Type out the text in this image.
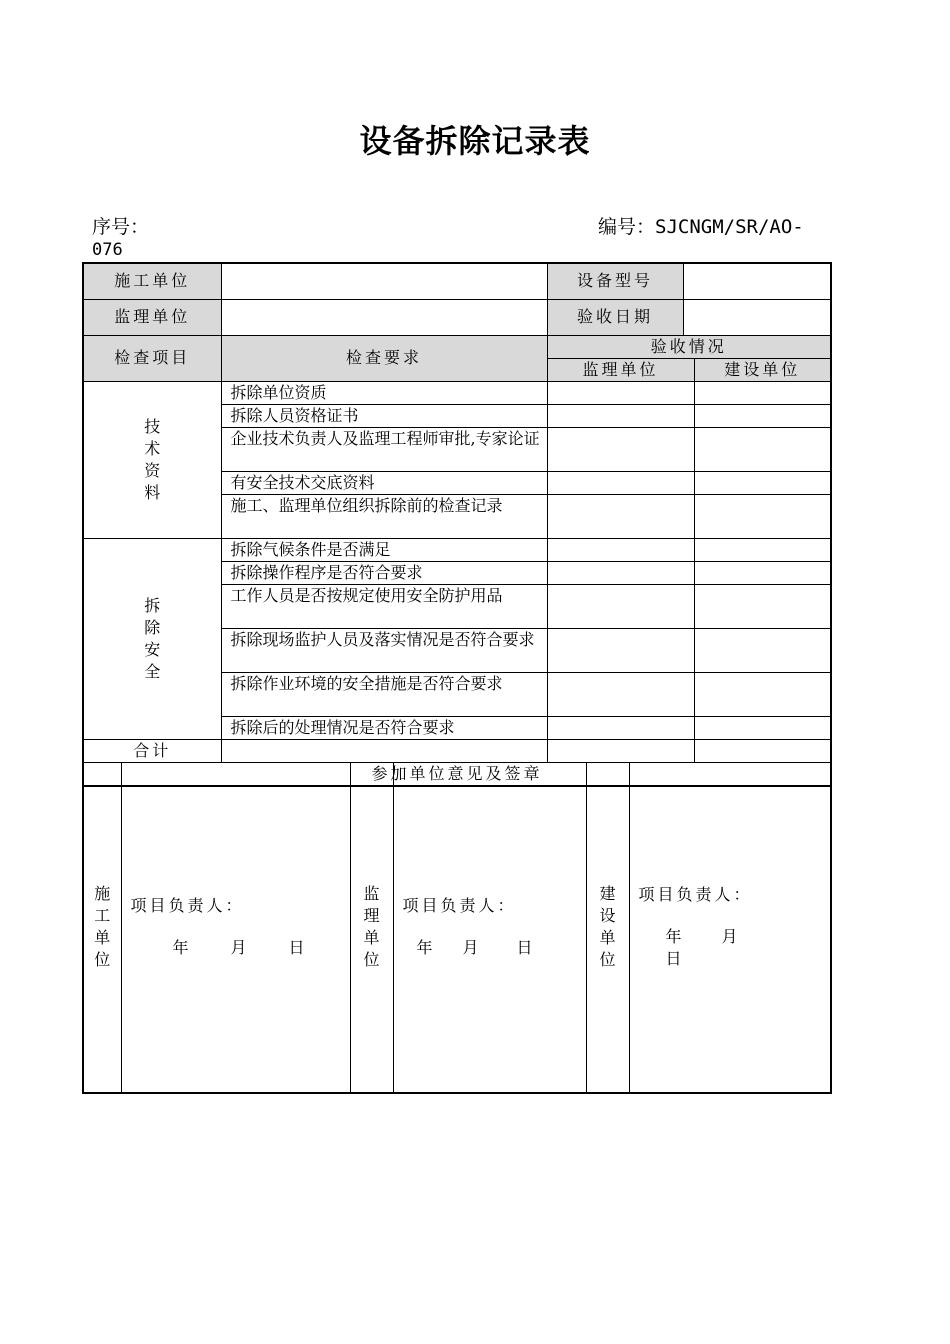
设备拆除记录表
序号：
076
编号：SJCNGM/SR/AO-
施工单位		设备型号		
监理单位		验收日期		
检查项目	检查要求	验收情况		
		监理单位		建设单位
技术资料	拆除单位资质			
	拆除人员资格证书			
	企业技术负责人及监理工程师审批,专家论证			
	有安全技术交底资料			
	施工、监理单位组织拆除前的检查记录			
拆除安全	拆除气候条件是否满足			
	拆除操作程序是否符合要求			
	工作人员是否按规定使用安全防护用品			
	拆除现场监护人员及落实情况是否符合要求			
	拆除作业环境的安全措施是否符合要求			
	拆除后的处理情况是否符合要求			
合计				
参加单位意见及签章				
施工单位	
项目负责人：
年	月	日
	监理单位	
项目负责人：
年 月 日
	建设单位	
项目负责人：
年 月日
